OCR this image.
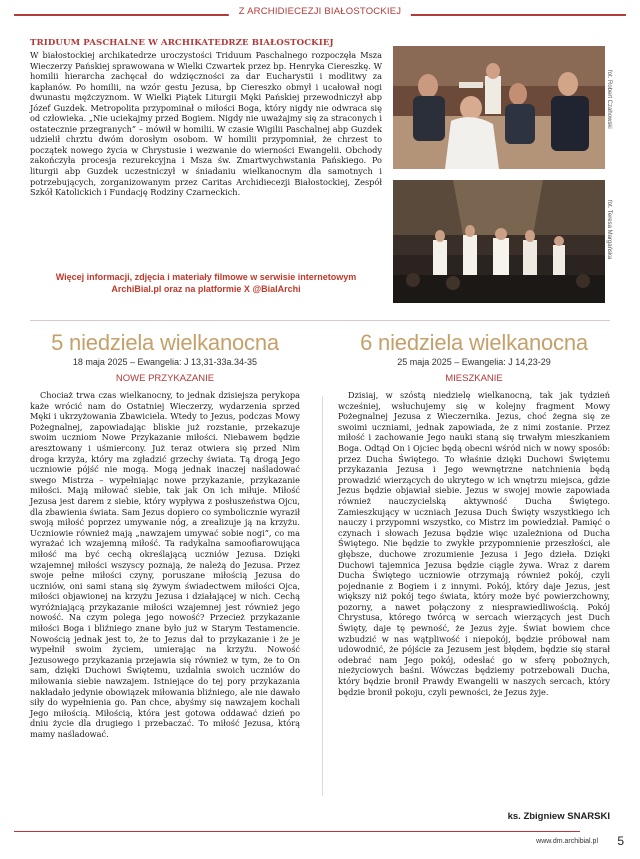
Z ARCHIDIECEZJI BIAŁOSTOCKIEJ
TRIDUUM PASCHALNE W ARCHIKATEDRZE BIAŁOSTOCKIEJ
W białostockiej archikatedrze uroczystości Triduum Paschalnego rozpoczęła Msza Wieczerzy Pańskiej sprawowana w Wielki Czwartek przez bp. Henryka Ciereszkę. W homilii hierarcha zachęcał do wdzięczności za dar Eucharystii i modlitwy za kapłanów. Po homilii, na wzór gestu Jezusa, bp Ciereszko obmył i ucałował nogi dwunastu mężczyznom. W Wielki Piątek Liturgii Męki Pańskiej przewodniczył abp Józef Guzdek. Metropolita przypominał o miłości Boga, który nigdy nie odwraca się od człowieka. „Nie uciekajmy przed Bogiem. Nigdy nie uważajmy się za straconych i ostatecznie przegranych” – mówił w homilii. W czasie Wigilii Paschalnej abp Guzdek udzielił chrztu dwóm dorosłym osobom. W homilii przypomniał, że chrzest to początek nowego życia w Chrystusie i wezwanie do wierności Ewangelii. Obchody zakończyła procesja rezurekcyjna i Msza św. Zmartwychwstania Pańskiego. Po liturgii abp Guzdek uczestniczył w śniadaniu wielkanocnym dla samotnych i potrzebujących, zorganizowanym przez Caritas Archidiecezji Białostockiej, Zespół Szkół Katolickich i Fundację Rodziny Czarneckich.
Więcej informacji, zdjęcia i materiały filmowe w serwisie internetowym ArchiBial.pl oraz na platformie X @BialArchi
fot. Robert Czahowski
fot. Teresa Margańska
5 niedziela wielkanocna
18 maja 2025 – Ewangelia: J 13,31-33a.34-35
NOWE PRZYKAZANIE
Chociaż trwa czas wielkanocny, to jednak dzisiejsza perykopa każe wrócić nam do Ostatniej Wieczerzy, wydarzenia sprzed Męki i ukrzyżowania Zbawiciela. Wtedy to Jezus, podczas Mowy Pożegnalnej, zapowiadając bliskie już rozstanie, przekazuje swoim uczniom Nowe Przykazanie miłości. Niebawem będzie aresztowany i uśmiercony. Już teraz otwiera się przed Nim droga krzyża, który ma zgładzić grzechy świata. Tą drogą Jego uczniowie pójść nie mogą. Mogą jednak inaczej naśladować swego Mistrza – wypełniając nowe przykazanie, przykazanie miłości. Mają miłować siebie, tak jak On ich miłuje. Miłość Jezusa jest darem z siebie, który wypływa z posłuszeństwa Ojcu, dla zbawienia świata. Sam Jezus dopiero co symbolicznie wyraził swoją miłość poprzez umywanie nóg, a zrealizuje ją na krzyżu. Uczniowie również mają „nawzajem umywać sobie nogi”, co ma wyrażać ich wzajemną miłość. Ta radykalna samoofiarowująca miłość ma być cechą określającą uczniów Jezusa. Dzięki wzajemnej miłości wszyscy poznają, że należą do Jezusa. Przez swoje pełne miłości czyny, poruszane miłością Jezusa do uczniów, oni sami staną się żywym świadectwem miłości Ojca, miłości objawionej na krzyżu Jezusa i działającej w nich. Cechą wyróżniającą przykazanie miłości wzajemnej jest również jego nowość. Na czym polega jego nowość? Przecież przykazanie miłości Boga i bliźniego znane było już w Starym Testamencie. Nowością jednak jest to, że to Jezus dał to przykazanie i że je wypełnił swoim życiem, umierając na krzyżu. Nowość Jezusowego przykazania przejawia się również w tym, że to On sam, dzięki Duchowi Świętemu, uzdalnia swoich uczniów do miłowania siebie nawzajem. Istniejące do tej pory przykazania nakładało jedynie obowiązek miłowania bliźniego, ale nie dawało siły do wypełnienia go. Pan chce, abyśmy się nawzajem kochali Jego miłością. Miłością, która jest gotowa oddawać dzień po dniu życie dla drugiego i przebaczać. To miłość Jezusa, którą mamy naśladować.
6 niedziela wielkanocna
25 maja 2025 – Ewangelia: J 14,23-29
MIESZKANIE
Dzisiaj, w szóstą niedzielę wielkanocną, tak jak tydzień wcześniej, wsłuchujemy się w kolejny fragment Mowy Pożegnalnej Jezusa z Wieczernika. Jezus, choć żegna się ze swoimi uczniami, jednak zapowiada, że z nimi zostanie. Przez miłość i zachowanie Jego nauki staną się trwałym mieszkaniem Boga. Odtąd On i Ojciec będą obecni wśród nich w nowy sposób: przez Ducha Świętego. To właśnie dzięki Duchowi Świętemu przykazania Jezusa i Jego wewnętrzne natchnienia będą prowadzić wierzących do ukrytego w ich wnętrzu miejsca, gdzie Jezus będzie objawiał siebie. Jezus w swojej mowie zapowiada również nauczycielską aktywność Ducha Świętego. Zamieszkujący w uczniach Jezusa Duch Święty wszystkiego ich nauczy i przypomni wszystko, co Mistrz im powiedział. Pamięć o czynach i słowach Jezusa będzie więc uzależniona od Ducha Świętego. Nie będzie to zwykłe przypomnienie przeszłości, ale głębsze, duchowe zrozumienie Jezusa i Jego dzieła. Dzięki Duchowi tajemnica Jezusa będzie ciągle żywa. Wraz z darem Ducha Świętego uczniowie otrzymają również pokój, czyli pojednanie z Bogiem i z innymi. Pokój, który daje Jezus, jest większy niż pokój tego świata, który może być powierzchowny, pozorny, a nawet połączony z niesprawiedliwością. Pokój Chrystusa, którego twórcą w sercach wierzących jest Duch Święty, daje tę pewność, że Jezus żyje. Świat bowiem chce wzbudzić w nas wątpliwość i niepokój, będzie próbował nam udowodnić, że pójście za Jezusem jest błędem, będzie się starał odebrać nam Jego pokój, odesłać go w sferę pobożnych, nieżyciowych baśni. Wówczas będziemy potrzebowali Ducha, który będzie bronił Prawdy Ewangelii w naszych sercach, który będzie bronił pokoju, czyli pewności, że Jezus żyje.
ks. Zbigniew SNARSKI
www.dm.archibial.pl 5
